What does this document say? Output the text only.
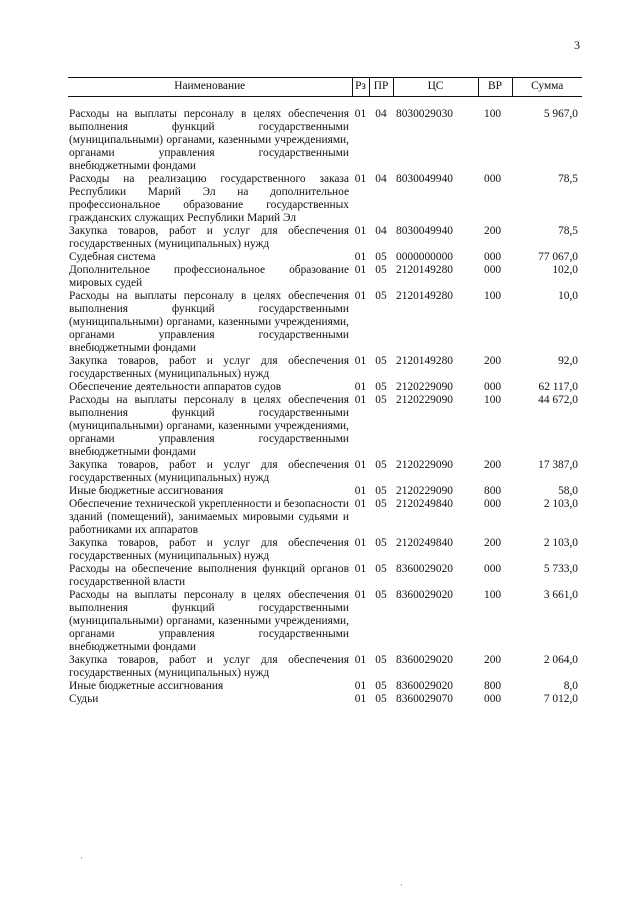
3
Наименование	Рз	ПР	ЦС	ВР	Сумма
Расходы на выплаты персоналу в целях обеспечения выполнения функций государственными (муниципальными) органами, казенными учреждениями, органами управления государственными внебюджетными фондами	01	04	8030029030	100	5 967,0
Расходы на реализацию государственного заказа Республики Марий Эл на дополнительное профессиональное образование государственных гражданских служащих Республики Марий Эл	01	04	8030049940	000	78,5
Закупка товаров, работ и услуг для обеспечения государственных (муниципальных) нужд	01	04	8030049940	200	78,5
Судебная система	01	05	0000000000	000	77 067,0
Дополнительное профессиональное образование мировых судей	01	05	2120149280	000	102,0
Расходы на выплаты персоналу в целях обеспечения выполнения функций государственными (муниципальными) органами, казенными учреждениями, органами управления государственными внебюджетными фондами	01	05	2120149280	100	10,0
Закупка товаров, работ и услуг для обеспечения государственных (муниципальных) нужд	01	05	2120149280	200	92,0
Обеспечение деятельности аппаратов судов	01	05	2120229090	000	62 117,0
Расходы на выплаты персоналу в целях обеспечения выполнения функций государственными (муниципальными) органами, казенными учреждениями, органами управления государственными внебюджетными фондами	01	05	2120229090	100	44 672,0
Закупка товаров, работ и услуг для обеспечения государственных (муниципальных) нужд	01	05	2120229090	200	17 387,0
Иные бюджетные ассигнования	01	05	2120229090	800	58,0
Обеспечение технической укрепленности и безопасности зданий (помещений), занимаемых мировыми судьями и работниками их аппаратов	01	05	2120249840	000	2 103,0
Закупка товаров, работ и услуг для обеспечения государственных (муниципальных) нужд	01	05	2120249840	200	2 103,0
Расходы на обеспечение выполнения функций органов государственной власти	01	05	8360029020	000	5 733,0
Расходы на выплаты персоналу в целях обеспечения выполнения функций государственными (муниципальными) органами, казенными учреждениями, органами управления государственными внебюджетными фондами	01	05	8360029020	100	3 661,0
Закупка товаров, работ и услуг для обеспечения государственных (муниципальных) нужд	01	05	8360029020	200	2 064,0
Иные бюджетные ассигнования	01	05	8360029020	800	8,0
Судьи	01	05	8360029070	000	7 012,0
·
·
